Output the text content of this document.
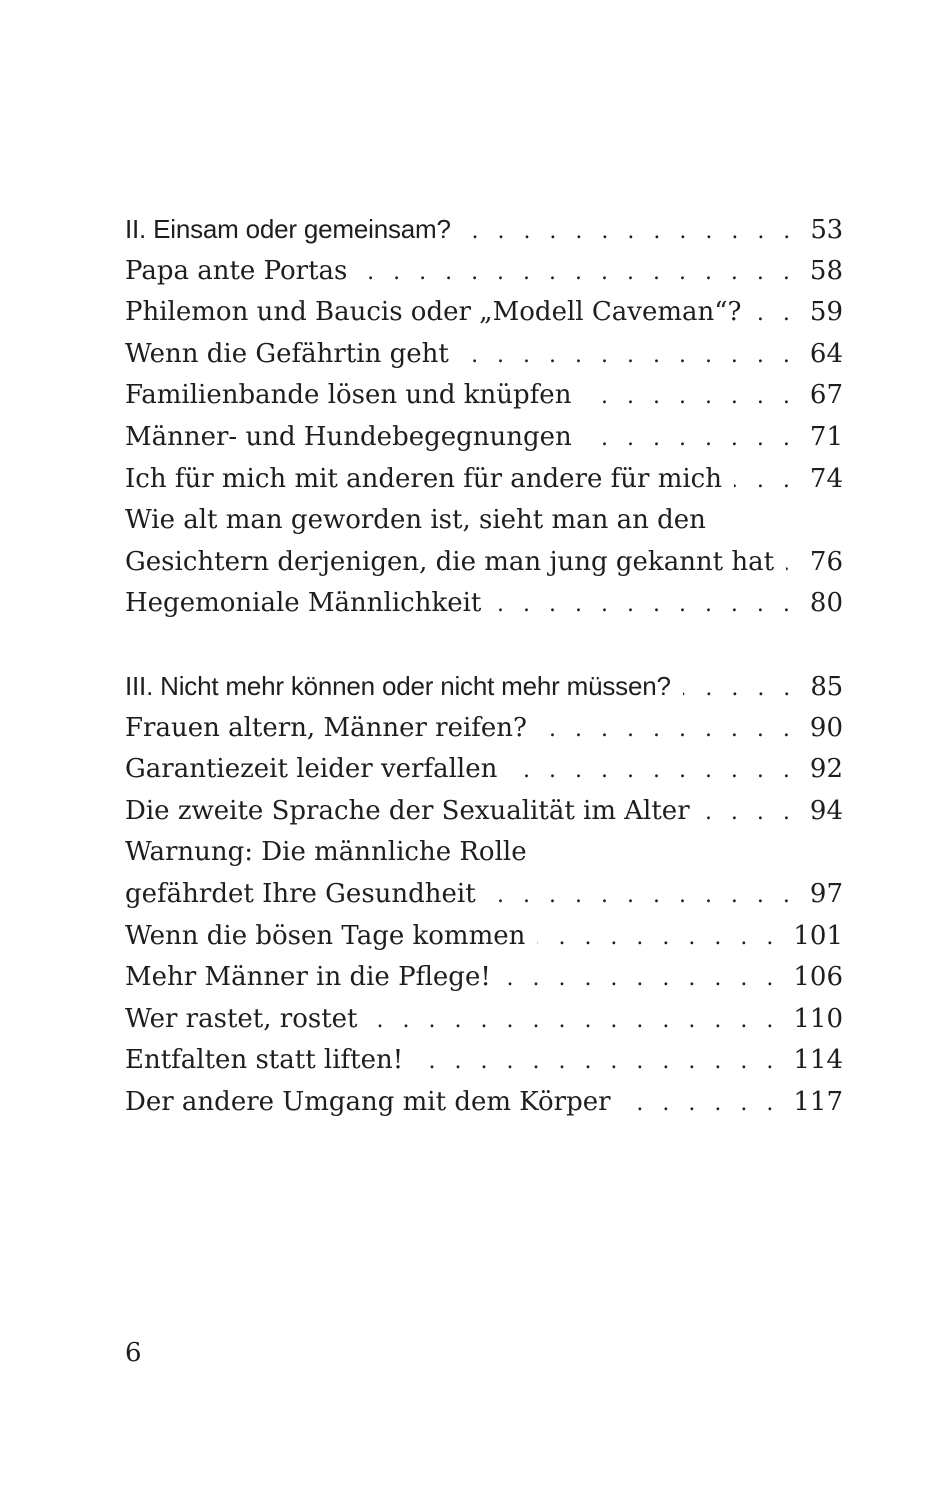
II. Einsam oder gemeinsam? . . .	53
Papa ante Portas . . .	58
Philemon und Baucis oder „Modell Caveman“? . . .	59
Wenn die Gefährtin geht . . .	64
Familienbande lösen und knüpfen . . .	67
Männer- und Hundebegegnungen . . .	71
Ich für mich mit anderen für andere für mich . . .	74
Wie alt man geworden ist, sieht man an den
Gesichtern derjenigen, die man jung gekannt hat . . . 76
Hegemoniale Männlichkeit . . .	80
III. Nicht mehr können oder nicht mehr müssen? . . .	85
Frauen altern, Männer reifen? . . .	90
Garantiezeit leider verfallen . . .	92
Die zweite Sprache der Sexualität im Alter . . .	94
Warnung: Die männliche Rolle
gefährdet Ihre Gesundheit . . .	97
Wenn die bösen Tage kommen . . .	101
Mehr Männer in die Pflege! . . .	106
Wer rastet, rostet . . .	110
Entfalten statt liften! . . .	114
Der andere Umgang mit dem Körper . . .	117
6
